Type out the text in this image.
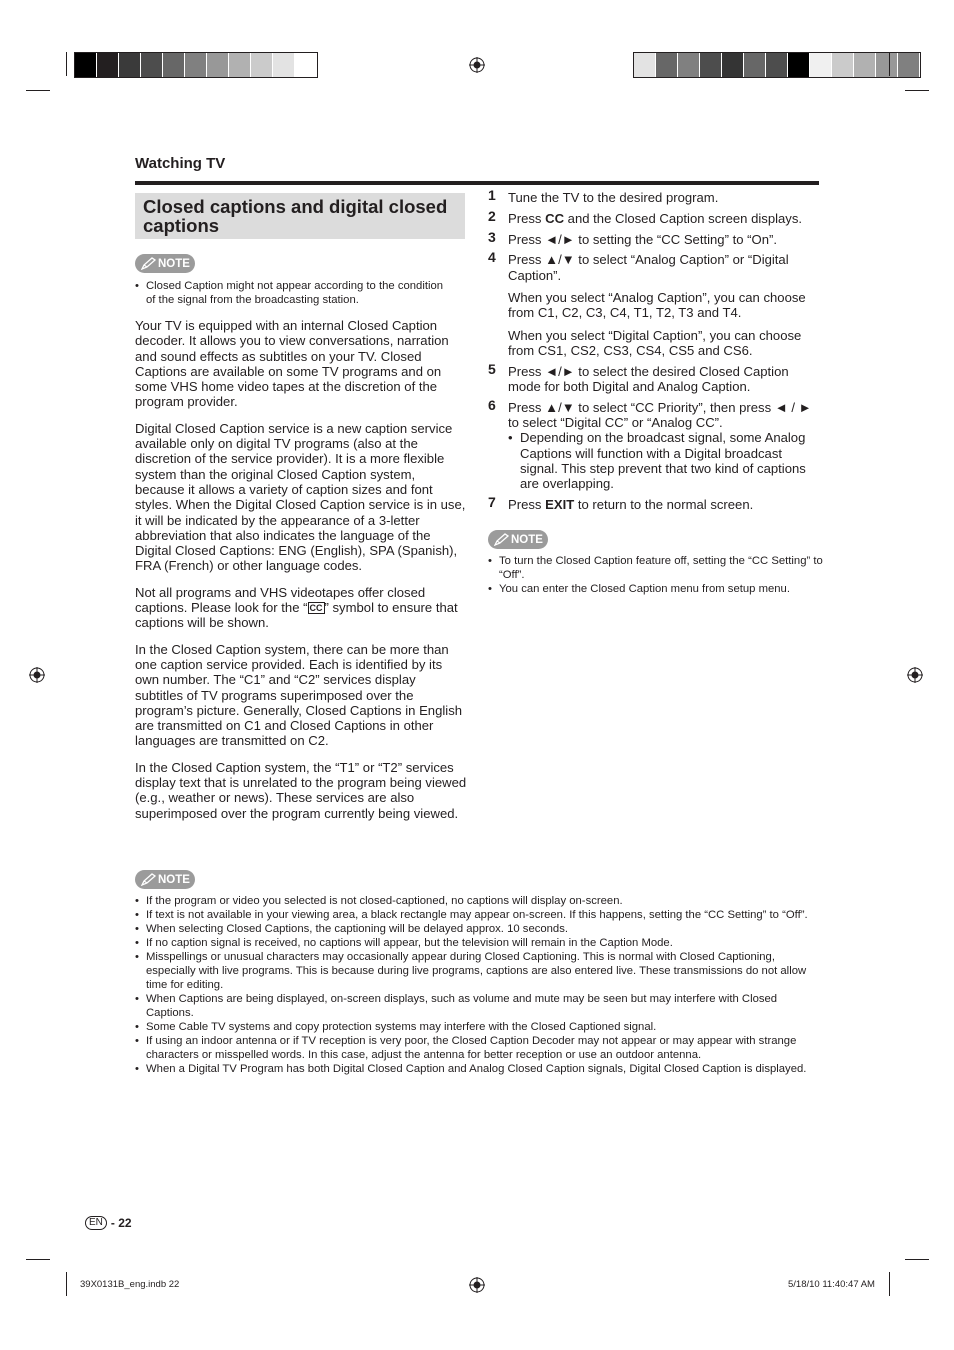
Watching TV
Closed captions and digital closed captions
NOTE
• Closed Caption might not appear according to the condition of the signal from the broadcasting station.

Your TV is equipped with an internal Closed Caption decoder. It allows you to view conversations, narration and sound effects as subtitles on your TV. Closed Captions are available on some TV programs and on some VHS home video tapes at the discretion of the program provider.

Digital Closed Caption service is a new caption service available only on digital TV programs (also at the discretion of the service provider). It is a more flexible system than the original Closed Caption system, because it allows a variety of caption sizes and font styles. When the Digital Closed Caption service is in use, it will be indicated by the appearance of a 3-letter abbreviation that also indicates the language of the Digital Closed Captions: ENG (English), SPA (Spanish), FRA (French) or other language codes.

Not all programs and VHS videotapes offer closed captions. Please look for the “ CC ” symbol to ensure that captions will be shown.

In the Closed Caption system, there can be more than one caption service provided. Each is identified by its own number. The “C1” and “C2” services display subtitles of TV programs superimposed over the program’s picture. Generally, Closed Captions in English are transmitted on C1 and Closed Captions in other languages are transmitted on C2.

In the Closed Caption system, the “T1” or “T2” services display text that is unrelated to the program being viewed (e.g., weather or news). These services are also superimposed over the program currently being viewed.

1 Tune the TV to the desired program.

2 Press CC and the Closed Caption screen displays.

3 Press ◄/► to setting the “CC Setting” to “On”.

4 Press ▲/▼ to select “Analog Caption” or “Digital Caption”.

When you select “Analog Caption”, you can choose from C1, C2, C3, C4, T1, T2, T3 and T4.

When you select “Digital Caption”, you can choose from CS1, CS2, CS3, CS4, CS5 and CS6.

5 Press ◄/► to select the desired Closed Caption mode for both Digital and Analog Caption.

6 Press ▲/▼ to select “CC Priority”, then press ◄ / ► to select “Digital CC” or “Analog CC”.

• Depending on the broadcast signal, some Analog Captions will function with a Digital broadcast signal. This step prevent that two kind of captions are overlapping.

7 Press EXIT to return to the normal screen.

NOTE
• To turn the Closed Caption feature off, setting the “CC Setting” to “Off”.
• You can enter the Closed Caption menu from setup menu.
NOTE
• If the program or video you selected is not closed-captioned, no captions will display on-screen.
• If text is not available in your viewing area, a black rectangle may appear on-screen. If this happens, setting the “CC Setting” to “Off”.
• When selecting Closed Captions, the captioning will be delayed approx. 10 seconds.
• If no caption signal is received, no captions will appear, but the television will remain in the Caption Mode.
• Misspellings or unusual characters may occasionally appear during Closed Captioning. This is normal with Closed Captioning, especially with live programs. This is because during live programs, captions are also entered live. These transmissions do not allow time for editing.
• When Captions are being displayed, on-screen displays, such as volume and mute may be seen but may interfere with Closed Captions.
• Some Cable TV systems and copy protection systems may interfere with the Closed Captioned signal.
• If using an indoor antenna or if TV reception is very poor, the Closed Caption Decoder may not appear or may appear with strange characters or misspelled words. In this case, adjust the antenna for better reception or use an outdoor antenna.
• When a Digital TV Program has both Digital Closed Caption and Analog Closed Caption signals, Digital Closed Caption is displayed.
EN - 22
39X0131B_eng.indb 22	5/18/10 11:40:47 AM
